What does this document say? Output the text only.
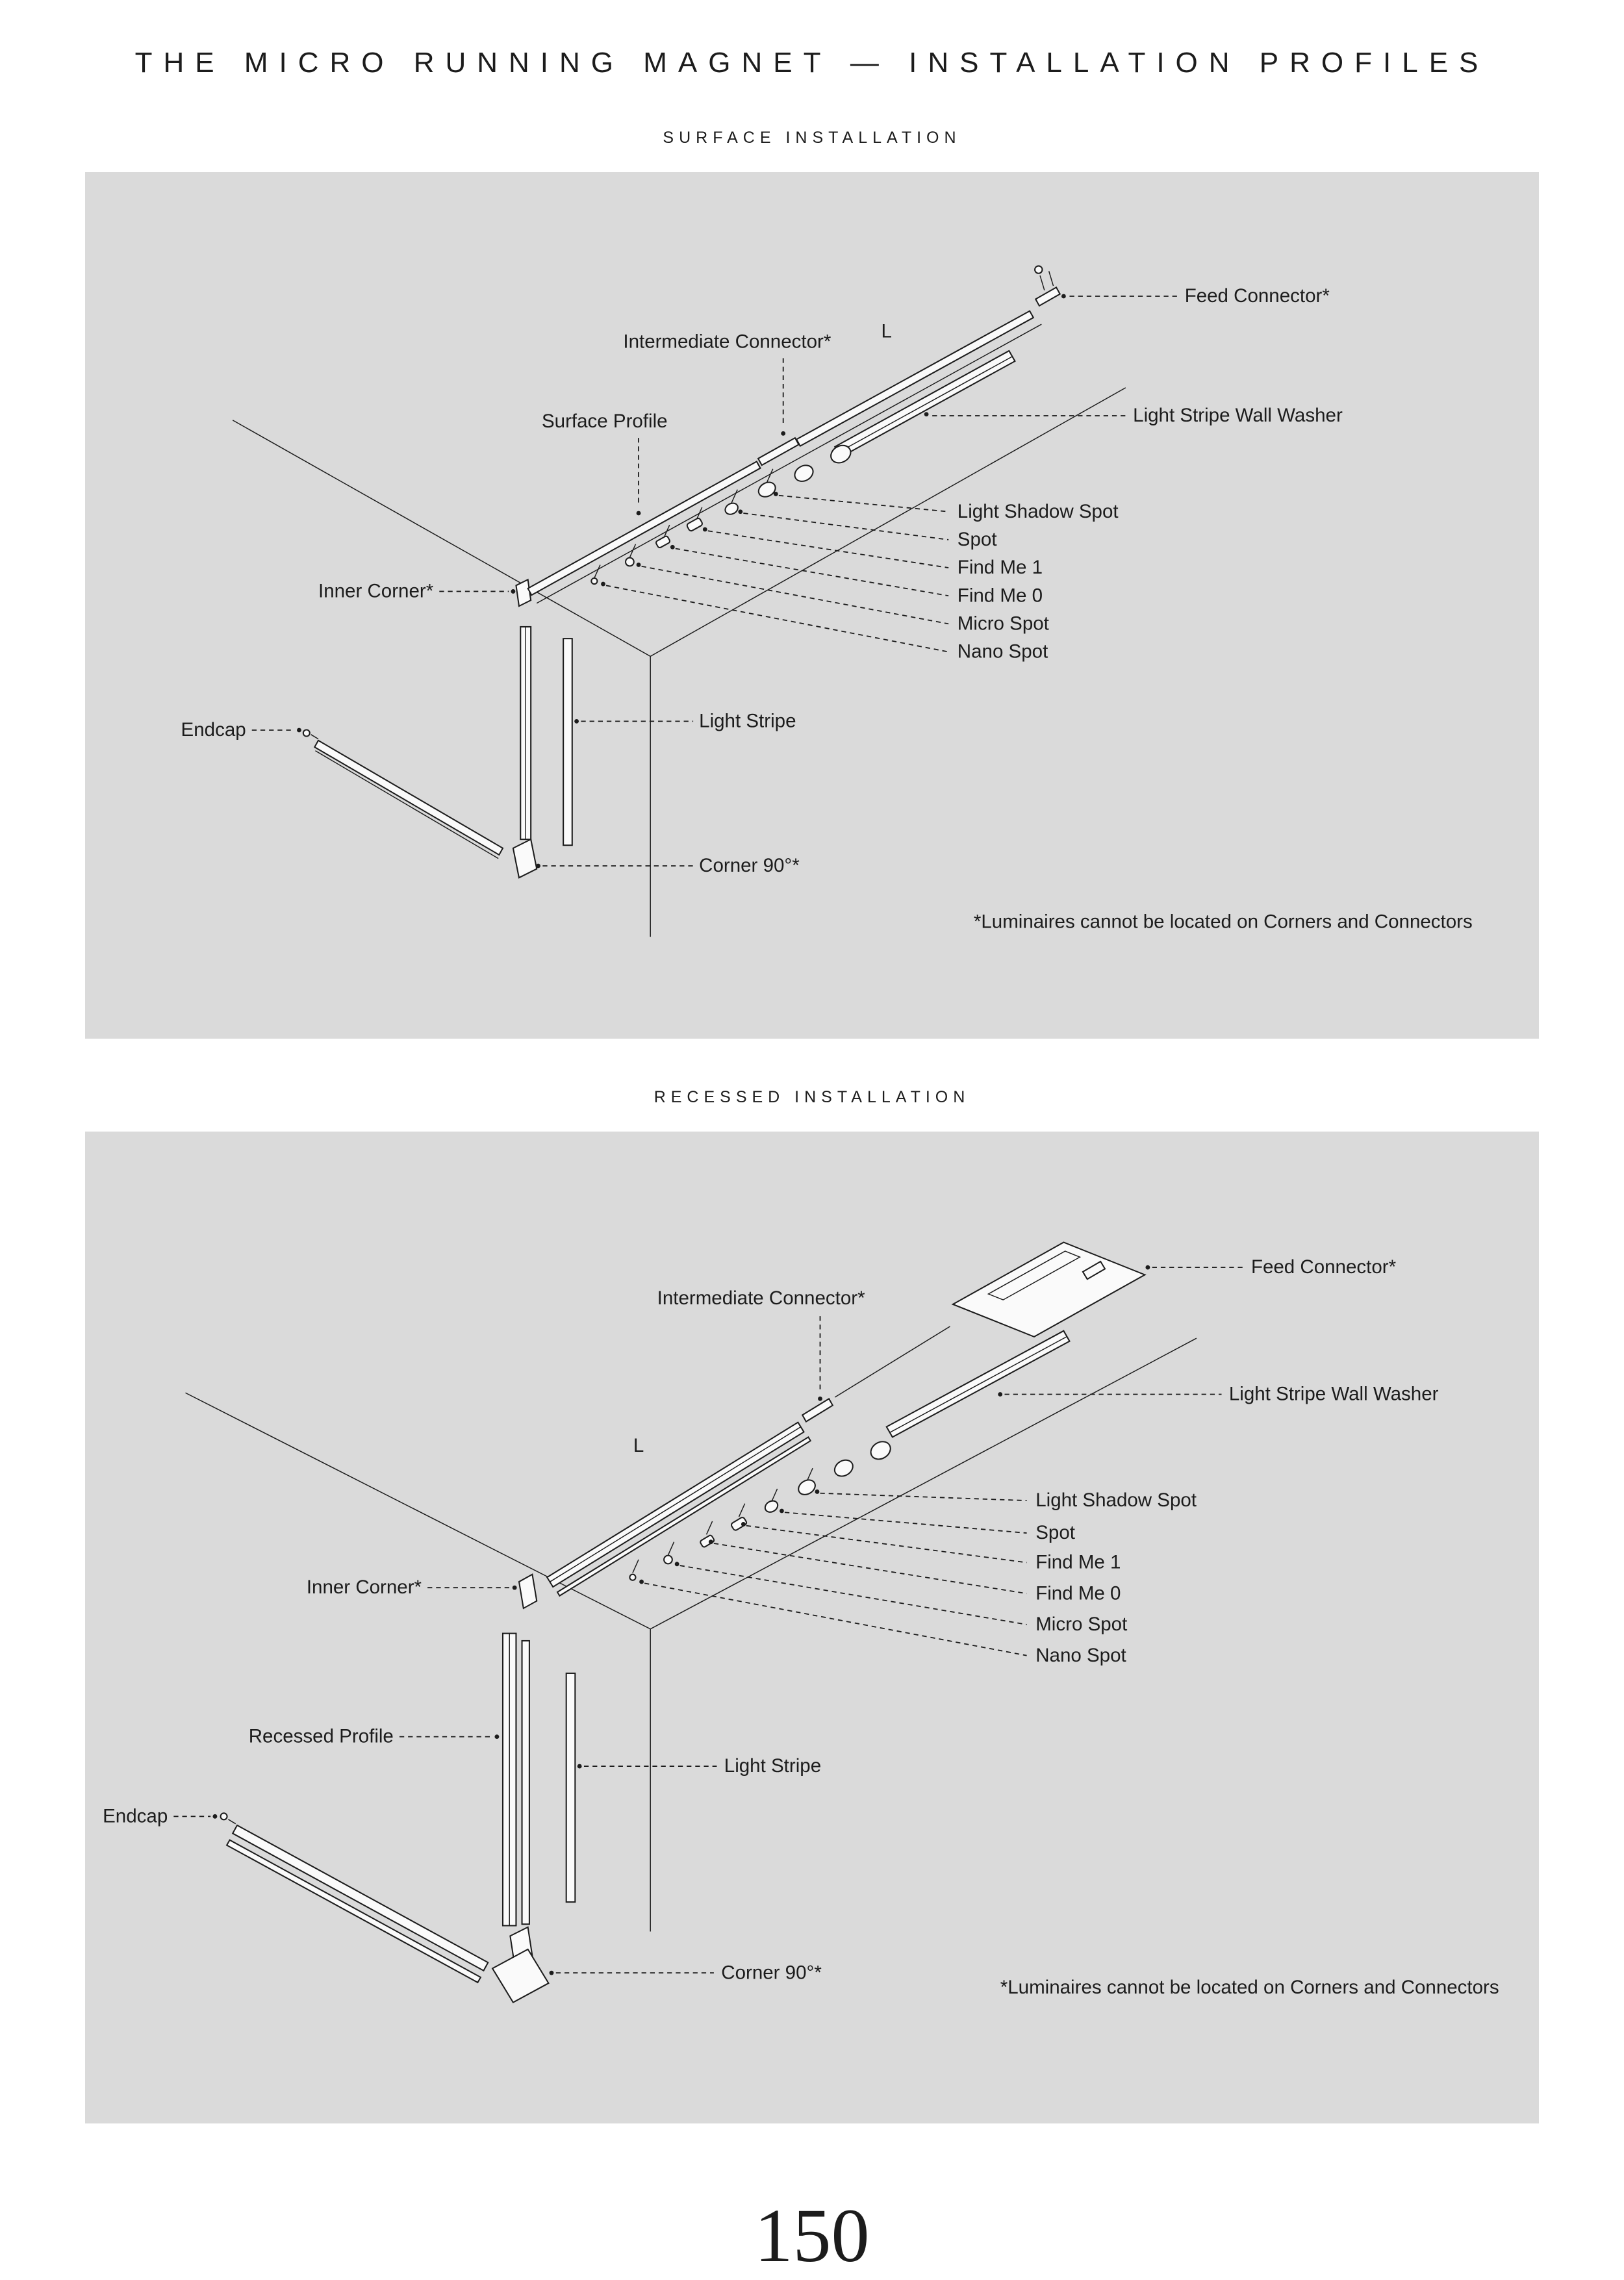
THE MICRO RUNNING MAGNET — INSTALLATION PROFILES
SURFACE INSTALLATION
Feed Connector*
Intermediate Connector*
Surface Profile
L
Light Stripe Wall Washer
Light Shadow Spot
Spot
Find Me 1
Find Me 0
Micro Spot
Nano Spot
Inner Corner*
Light Stripe
Endcap
Corner 90°*
*Luminaires cannot be located on Corners and Connectors
RECESSED INSTALLATION
Intermediate Connector*
Feed Connector*
Light Stripe Wall Washer
L
Light Shadow Spot
Spot
Find Me 1
Find Me 0
Micro Spot
Nano Spot
Inner Corner*
Recessed Profile
Light Stripe
Endcap
Corner 90°*
*Luminaires cannot be located on Corners and Connectors
150
